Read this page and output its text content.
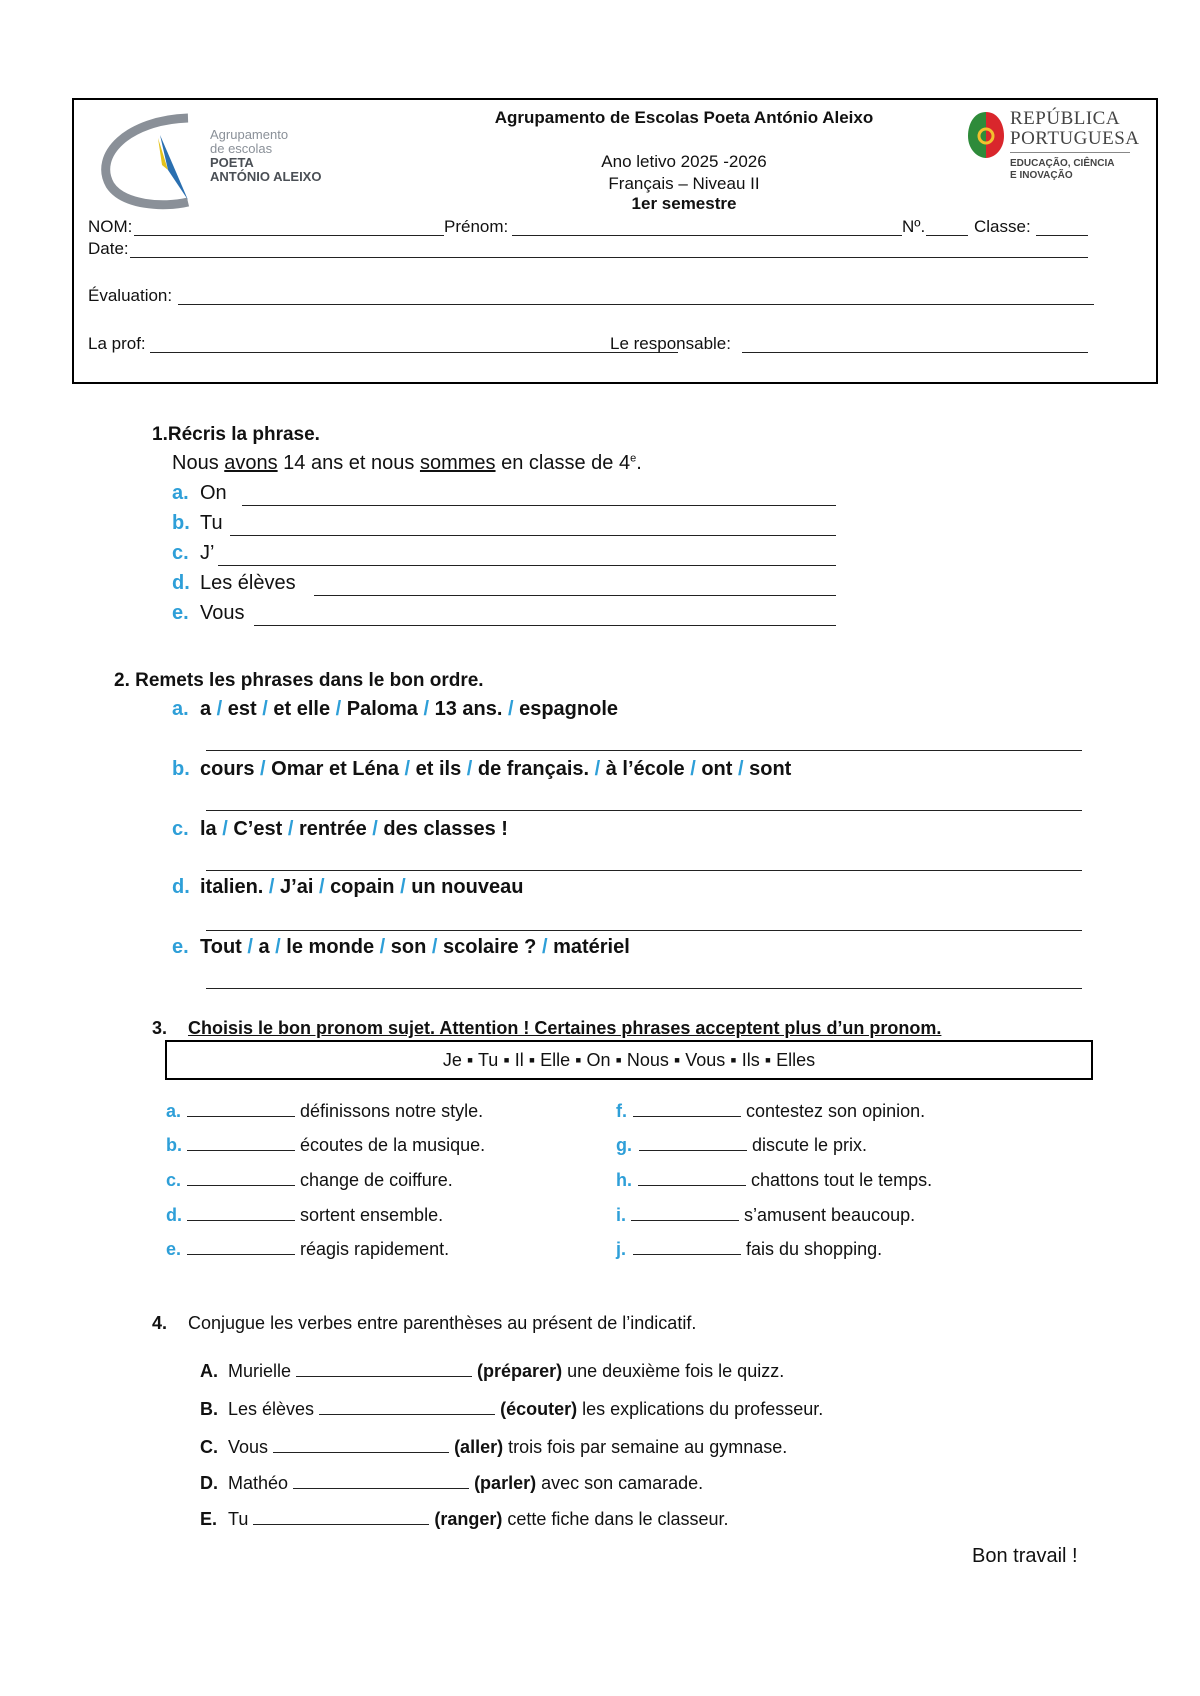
Agrupamento
de escolas
POETA
ANTÓNIO ALEIXO
Agrupamento de Escolas Poeta António Aleixo
Ano letivo 2025 -2026
Français – Niveau II
1er semestre
REPÚBLICA
PORTUGUESA
EDUCAÇÃO, CIÊNCIA
E INOVAÇÃO
NOM:	Prénom:	Nº.	Classe:
Date:
Évaluation:
La prof:	Le responsable:
1.Récris la phrase.
Nous avons 14 ans et nous sommes en classe de 4e.
a. On
b. Tu
c. J’
d. Les élèves
e. Vous
2. Remets les phrases dans le bon ordre.
a. a / est / et elle / Paloma / 13 ans. / espagnole
b. cours / Omar et Léna / et ils / de français. / à l’école / ont / sont
c. la / C’est / rentrée / des classes !
d. italien. / J’ai / copain / un nouveau
e. Tout / a / le monde / son / scolaire ? / matériel
3. Choisis le bon pronom sujet. Attention ! Certaines phrases acceptent plus d’un pronom.
Je ▪ Tu ▪ Il ▪ Elle ▪ On ▪ Nous ▪ Vous ▪ Ils ▪ Elles
4. Conjugue les verbes entre parenthèses au présent de l’indicatif.
Bon travail !
a.	définissons notre style.
b.	écoutes de la musique.
c.	change de coiffure.
d.	sortent ensemble.
e.	réagis rapidement.
f.	contestez son opinion.
g.	discute le prix.
h.	chattons tout le temps.
i.	s’amusent beaucoup.
j.	fais du shopping.
A. Murielle	(préparer) une deuxième fois le quizz.
B. Les élèves	(écouter) les explications du professeur.
C. Vous	(aller) trois fois par semaine au gymnase.
D. Mathéo	(parler) avec son camarade.
E. Tu	(ranger) cette fiche dans le classeur.
